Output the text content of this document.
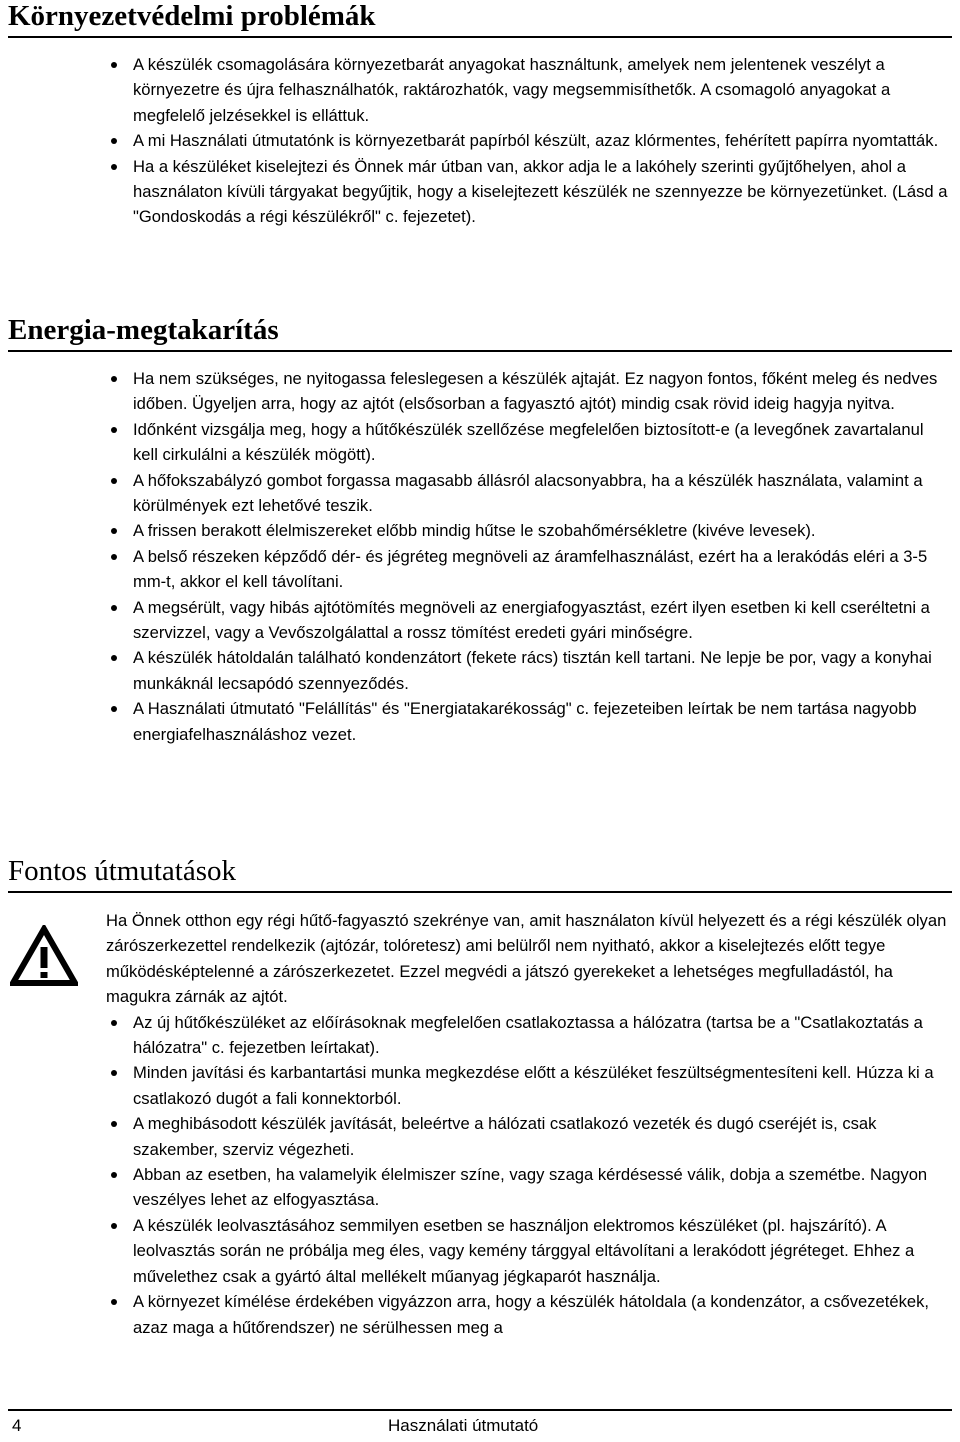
Környezetvédelmi problémák
A készülék csomagolására környezetbarát anyagokat használtunk, amelyek nem jelentenek veszélyt a környezetre és újra felhasználhatók, raktározhatók, vagy megsemmisíthetők. A csomagoló anyagokat a megfelelő jelzésekkel is elláttuk.
A mi Használati útmutatónk is környezetbarát papírból készült, azaz klórmentes, fehérített papírra nyomtatták.
Ha a készüléket kiselejtezi és Önnek már útban van, akkor adja le a lakóhely szerinti gyűjtőhelyen, ahol a használaton kívüli tárgyakat begyűjtik, hogy a kiselejtezett készülék ne szennyezze be környezetünket. (Lásd a "Gondoskodás a régi készülékről" c. fejezetet).
Energia-megtakarítás
Ha nem szükséges, ne nyitogassa feleslegesen a készülék ajtaját. Ez nagyon fontos, főként meleg és nedves időben. Ügyeljen arra, hogy az ajtót (elsősorban a fagyasztó ajtót) mindig csak rövid ideig hagyja nyitva.
Időnként vizsgálja meg, hogy a hűtőkészülék szellőzése megfelelően biztosított-e (a levegőnek zavartalanul kell cirkulálni a készülék mögött).
A hőfokszabályzó gombot forgassa magasabb állásról alacsonyabbra, ha a készülék használata, valamint a körülmények ezt lehetővé teszik.
A frissen berakott élelmiszereket előbb mindig hűtse le szobahőmérsékletre (kivéve levesek).
A belső részeken képződő dér- és jégréteg megnöveli az áramfelhasználást, ezért ha a lerakódás eléri a 3-5 mm-t, akkor el kell távolítani.
A megsérült, vagy hibás ajtótömítés megnöveli az energiafogyasztást, ezért ilyen esetben ki kell cseréltetni a szervizzel, vagy a Vevőszolgálattal a rossz tömítést eredeti gyári minőségre.
A készülék hátoldalán található kondenzátort (fekete rács) tisztán kell tartani. Ne lepje be por, vagy a konyhai munkáknál lecsapódó szennyeződés.
A Használati útmutató "Felállítás" és "Energiatakarékosság" c. fejezeteiben leírtak be nem tartása nagyobb energiafelhasználáshoz vezet.
Fontos útmutatások

Ha Önnek otthon egy régi hűtő-fagyasztó szekrénye van, amit használaton kívül helyezett és a régi készülék olyan zárószerkezettel rendelkezik (ajtózár, tolóretesz) ami belülről nem nyitható, akkor a kiselejtezés előtt tegye működésképtelenné a zárószerkezetet. Ezzel megvédi a játszó gyerekeket a lehetséges megfulladástól, ha magukra zárnák az ajtót.

Az új hűtőkészüléket az előírásoknak megfelelően csatlakoztassa a hálózatra (tartsa be a "Csatlakoztatás a hálózatra" c. fejezetben leírtakat).
Minden javítási és karbantartási munka megkezdése előtt a készüléket feszültségmentesíteni kell. Húzza ki a csatlakozó dugót a fali konnektorból.
A meghibásodott készülék javítását, beleértve a hálózati csatlakozó vezeték és dugó cseréjét is, csak szakember, szerviz végezheti.
Abban az esetben, ha valamelyik élelmiszer színe, vagy szaga kérdésessé válik, dobja a szemétbe. Nagyon veszélyes lehet az elfogyasztása.
A készülék leolvasztásához semmilyen esetben se használjon elektromos készüléket (pl. hajszárító). A leolvasztás során ne próbálja meg éles, vagy kemény tárggyal eltávolítani a lerakódott jégréteget. Ehhez a művelethez csak a gyártó által mellékelt műanyag jégkaparót használja.
A környezet kímélése érdekében vigyázzon arra, hogy a készülék hátoldala (a kondenzátor, a csővezetékek, azaz maga a hűtőrendszer) ne sérülhessen meg a
4	Használati útmutató
